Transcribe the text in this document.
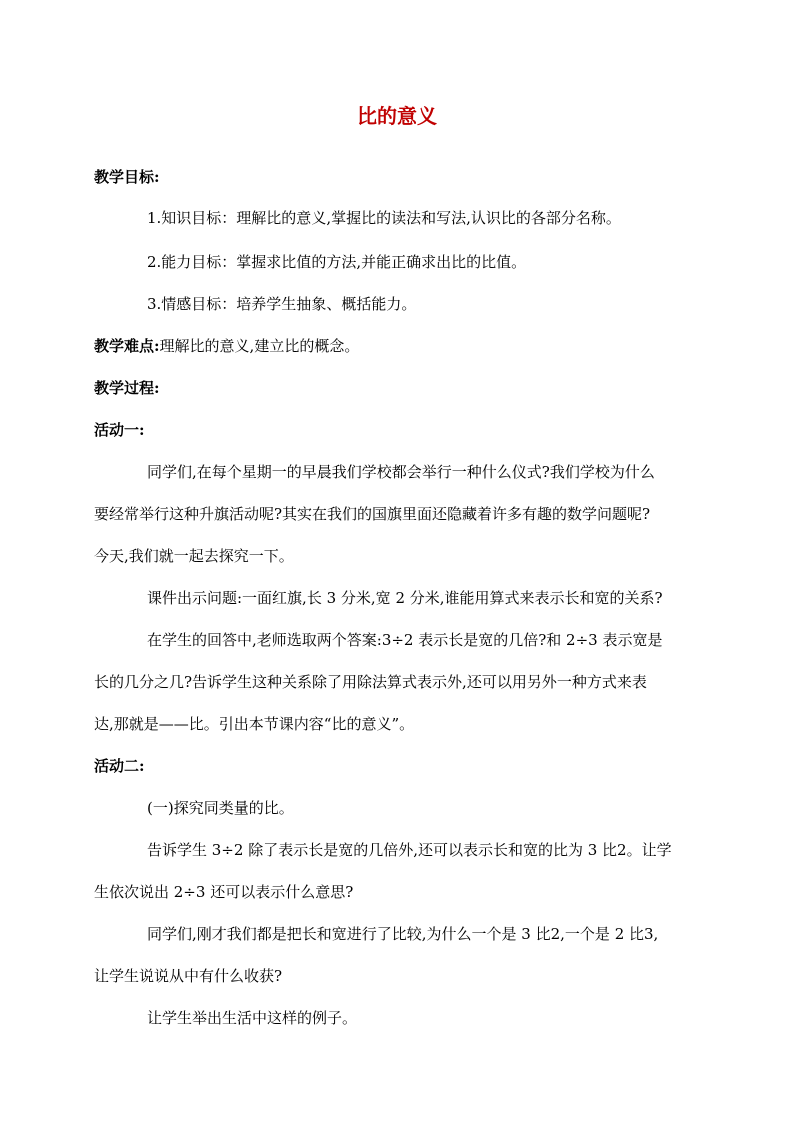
比的意义
教学目标:
1.知识目标：理解比的意义,掌握比的读法和写法,认识比的各部分名称。
2.能力目标：掌握求比值的方法,并能正确求出比的比值。
3.情感目标：培养学生抽象、概括能力。
教学难点:理解比的意义,建立比的概念。
教学过程:
活动一:
同学们,在每个星期一的早晨我们学校都会举行一种什么仪式?我们学校为什么
要经常举行这种升旗活动呢?其实在我们的国旗里面还隐藏着许多有趣的数学问题呢?
今天,我们就一起去探究一下。
课件出示问题:一面红旗,长 3 分米,宽 2 分米,谁能用算式来表示长和宽的关系?
在学生的回答中,老师选取两个答案:3÷2 表示长是宽的几倍?和 2÷3 表示宽是
长的几分之几?告诉学生这种关系除了用除法算式表示外,还可以用另外一种方式来表
达,那就是——比。引出本节课内容“比的意义”。
活动二:
(一)探究同类量的比。
告诉学生 3÷2 除了表示长是宽的几倍外,还可以表示长和宽的比为 3 比2。让学
生依次说出 2÷3 还可以表示什么意思?
同学们,刚才我们都是把长和宽进行了比较,为什么一个是 3 比2,一个是 2 比3,
让学生说说从中有什么收获?
让学生举出生活中这样的例子。
